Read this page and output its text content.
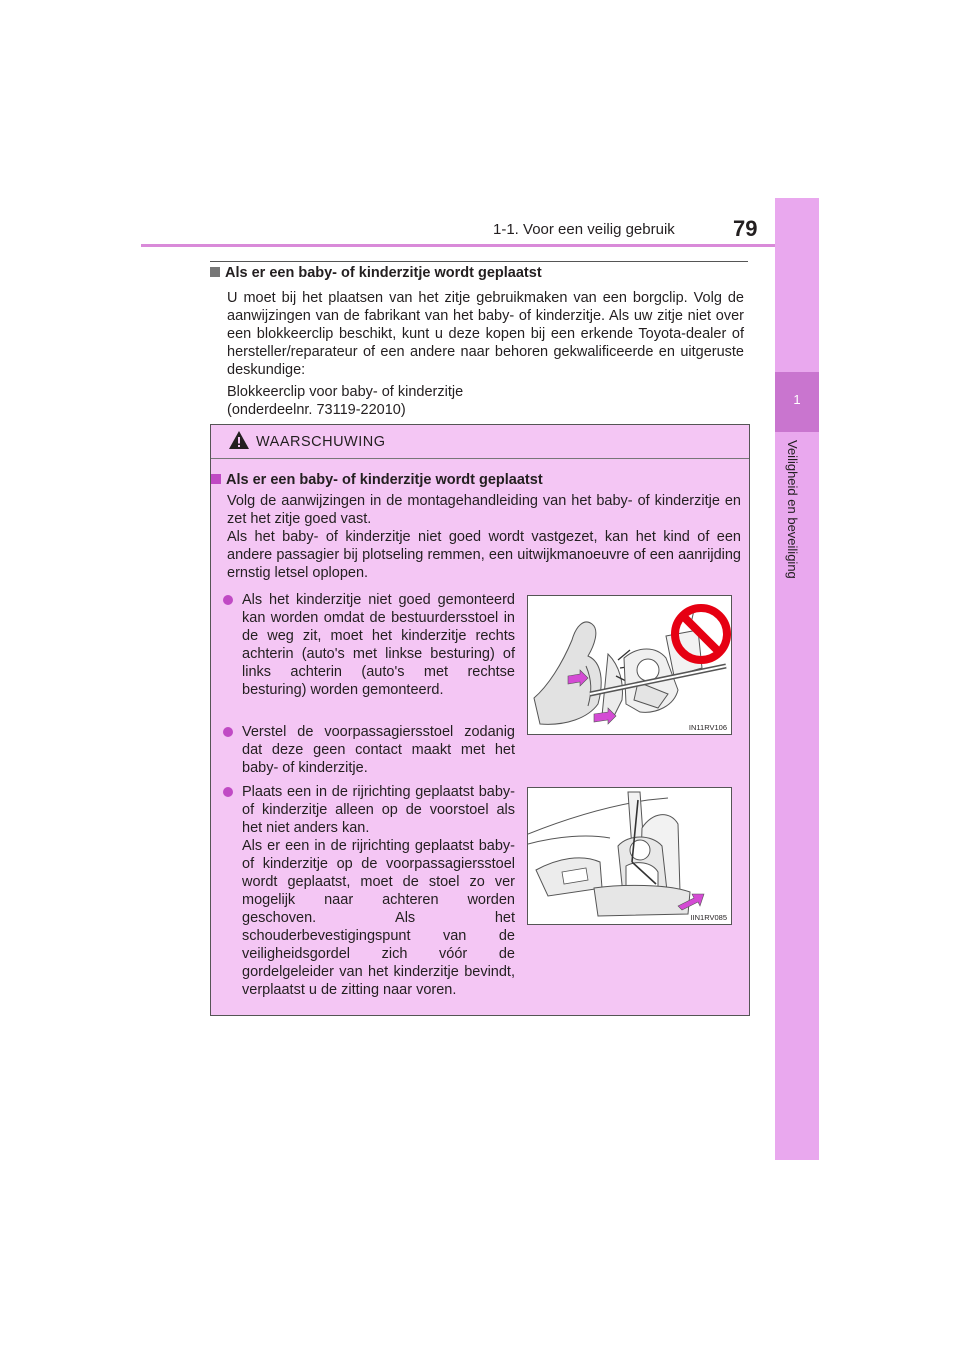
1-1. Voor een veilig gebruik	79
1
Veiligheid en beveiliging
Als er een baby- of kinderzitje wordt geplaatst

U moet bij het plaatsen van het zitje gebruikmaken van een borgclip. Volg de aanwijzingen van de fabrikant van het baby- of kinderzitje. Als uw zitje niet over een blokkeerclip beschikt, kunt u deze kopen bij een erkende Toyota-dealer of hersteller/reparateur of een andere naar behoren gekwalificeerde en uitgeruste deskundige:

Blokkeerclip voor baby- of kinderzitje

(onderdeelnr. 73119-22010)

WAARSCHUWING
Als er een baby- of kinderzitje wordt geplaatst

Volg de aanwijzingen in de montagehandleiding van het baby- of kinderzitje en zet het zitje goed vast.

Als het baby- of kinderzitje niet goed wordt vastgezet, kan het kind of een andere passagier bij plotseling remmen, een uitwijkmanoeuvre of een aanrijding ernstig letsel oplopen.

Als het kinderzitje niet goed gemonteerd kan worden omdat de bestuurdersstoel in de weg zit, moet het kinderzitje rechts achterin (auto's met linkse besturing) of links achterin (auto's met rechtse besturing) worden gemonteerd.

Verstel de voorpassagiersstoel zodanig dat deze geen contact maakt met het baby- of kinderzitje.

Plaats een in de rijrichting geplaatst baby- of kinderzitje alleen op de voorstoel als het niet anders kan.
Als er een in de rijrichting geplaatst baby- of kinderzitje op de voorpassagiersstoel wordt geplaatst, moet de stoel zo ver mogelijk naar achteren worden geschoven. Als het schouderbevestigingspunt van de veiligheidsgordel zich vóór de gordelgeleider van het kinderzitje bevindt, verplaatst u de zitting naar voren.

IN11RV106
IIN1RV085
